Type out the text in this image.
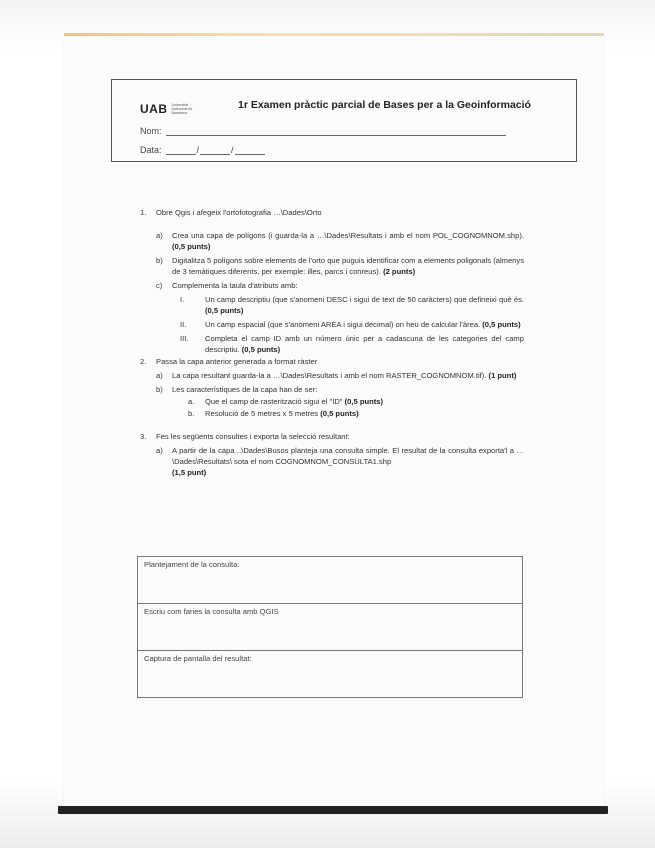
UAB Universitat Autònoma de Barcelona
1r Examen pràctic parcial de Bases per a la Geoinformació
Nom:
Data:	/	/
1. Obre Qgis i afegeix l'ortofotografia …\Dades\Orto
a) Crea una capa de polígons (i guarda-la a …\Dades\Resultats i amb el nom POL_COGNOMNOM.shp). (0,5 punts)
b) Digitalitza 5 polígons sobre elements de l'orto que puguis identificar com a elements poligonals (almenys de 3 temàtiques diferents, per exemple: illes, parcs i conreus). (2 punts)
c) Complementa la taula d'atributs amb:
I.	Un camp descriptiu (que s'anomeni DESC i sigui de text de 50 caràcters) que defineixi què és. (0,5 punts)
II. Un camp espacial (que s'anomeni AREA i sigui decimal) on heu de calcular l'àrea. (0,5 punts)
III. Completa el camp ID amb un número únic per a cadascuna de les categories del camp descriptiu. (0,5 punts)
2. Passa la capa anterior generada a format ràster
a) La capa resultant guarda-la a …\Dades\Resultats i amb el nom RASTER_COGNOMNOM.tif). (1 punt)
b) Les característiques de la capa han de ser:
a. Que el camp de rasterització sigui el "ID" (0,5 punts)
b. Resolució de 5 metres x 5 metres (0,5 punts)
3. Fes les següents consultes i exporta la selecció resultant:
a) A partir de la capa ..\Dades\Busos planteja una consulta simple. El resultat de la consulta exporta'l a …\Dades\Resultats\ sota el nom COGNOMNOM_CONSULTA1.shp
(1,5 punt)
Plantejament de la consulta:
Escriu com faries la consulta amb QGIS
Captura de pantalla del resultat:
